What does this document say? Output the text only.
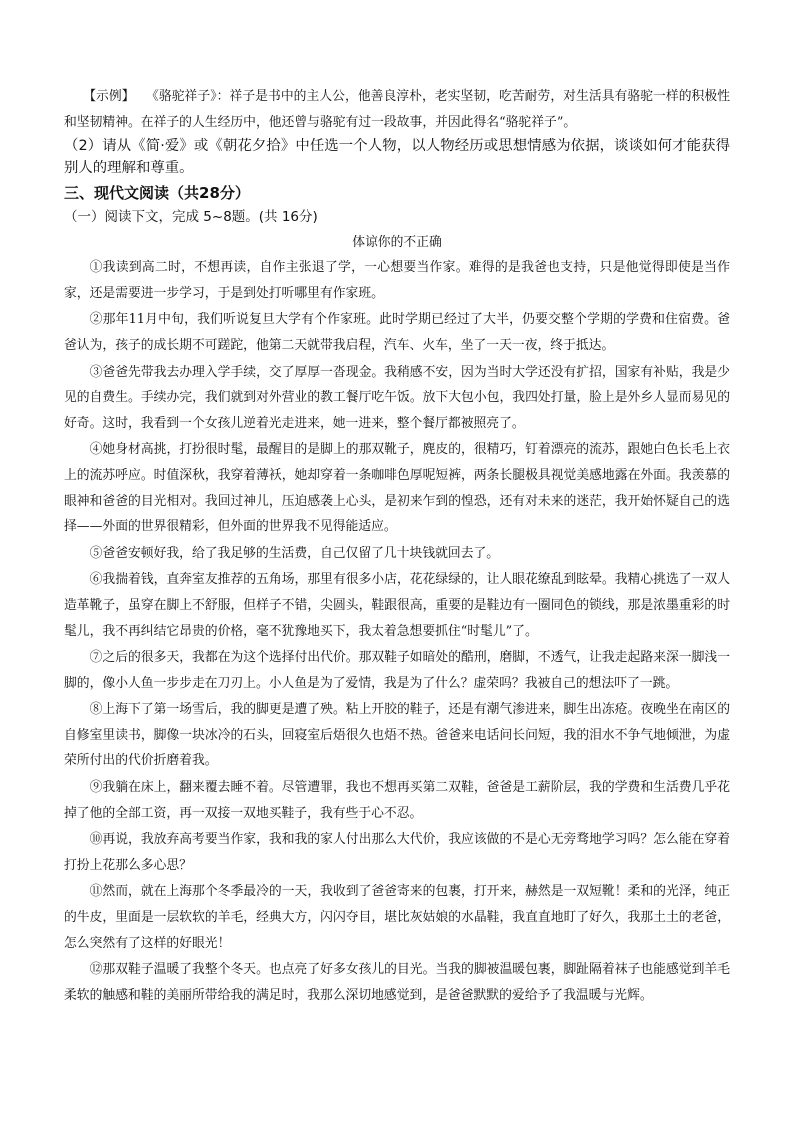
【示例】 《骆驼祥子》：祥子是书中的主人公，他善良淳朴，老实坚韧，吃苦耐劳，对生活具有骆驼一样的积极性和坚韧精神。在祥子的人生经历中，他还曾与骆驼有过一段故事，并因此得名“骆驼祥子”。

（2）请从《简·爱》或《朝花夕拾》中任选一个人物，以人物经历或思想情感为依据，谈谈如何才能获得别人的理解和尊重。

三、现代文阅读（共28分）

（一）阅读下文，完成 5~8题。(共 16分)

体谅你的不正确

①我读到高二时，不想再读，自作主张退了学，一心想要当作家。难得的是我爸也支持，只是他觉得即使是当作家，还是需要进一步学习，于是到处打听哪里有作家班。

②那年11月中旬，我们听说复旦大学有个作家班。此时学期已经过了大半，仍要交整个学期的学费和住宿费。爸爸认为，孩子的成长期不可蹉跎，他第二天就带我启程，汽车、火车，坐了一天一夜，终于抵达。

③爸爸先带我去办理入学手续，交了厚厚一沓现金。我稍感不安，因为当时大学还没有扩招，国家有补贴，我是少见的自费生。手续办完，我们就到对外营业的教工餐厅吃午饭。放下大包小包，我四处打量，脸上是外乡人显而易见的好奇。这时，我看到一个女孩儿逆着光走进来，她一进来，整个餐厅都被照亮了。

④她身材高挑，打扮很时髦，最醒目的是脚上的那双靴子，麂皮的，很精巧，钉着漂亮的流苏，跟她白色长毛上衣上的流苏呼应。时值深秋，我穿着薄袄，她却穿着一条咖啡色厚呢短裤，两条长腿极具视觉美感地露在外面。我羡慕的眼神和爸爸的目光相对。我回过神儿，压迫感袭上心头，是初来乍到的惶恐，还有对未来的迷茫，我开始怀疑自己的选择——外面的世界很精彩，但外面的世界我不见得能适应。

⑤爸爸安顿好我，给了我足够的生活费，自己仅留了几十块钱就回去了。

⑥我揣着钱，直奔室友推荐的五角场，那里有很多小店，花花绿绿的，让人眼花缭乱到眩晕。我精心挑选了一双人造革靴子，虽穿在脚上不舒服，但样子不错，尖圆头，鞋跟很高，重要的是鞋边有一圈同色的锁线，那是浓墨重彩的时髦儿，我不再纠结它昂贵的价格，毫不犹豫地买下，我太着急想要抓住“时髦儿”了。

⑦之后的很多天，我都在为这个选择付出代价。那双鞋子如暗处的酷刑，磨脚，不透气，让我走起路来深一脚浅一脚的，像小人鱼一步步走在刀刃上。小人鱼是为了爱情，我是为了什么？虚荣吗？我被自己的想法吓了一跳。

⑧上海下了第一场雪后，我的脚更是遭了殃。粘上开胶的鞋子，还是有潮气渗进来，脚生出冻疮。夜晚坐在南区的自修室里读书，脚像一块冰冷的石头，回寝室后焐很久也焐不热。爸爸来电话问长问短，我的泪水不争气地倾泄，为虚荣所付出的代价折磨着我。

⑨我躺在床上，翻来覆去睡不着。尽管遭罪，我也不想再买第二双鞋，爸爸是工薪阶层，我的学费和生活费几乎花掉了他的全部工资，再一双接一双地买鞋子，我有些于心不忍。

⑩再说，我放弃高考要当作家，我和我的家人付出那么大代价，我应该做的不是心无旁骛地学习吗？怎么能在穿着打扮上花那么多心思？

⑪然而，就在上海那个冬季最冷的一天，我收到了爸爸寄来的包裹，打开来，赫然是一双短靴！柔和的光泽，纯正的牛皮，里面是一层软软的羊毛，经典大方，闪闪夺目，堪比灰姑娘的水晶鞋，我直直地盯了好久，我那土土的老爸，怎么突然有了这样的好眼光！

⑫那双鞋子温暖了我整个冬天。也点亮了好多女孩儿的目光。当我的脚被温暖包裹，脚趾隔着袜子也能感觉到羊毛柔软的触感和鞋的美丽所带给我的满足时，我那么深切地感觉到，是爸爸默默的爱给予了我温暖与光辉。
